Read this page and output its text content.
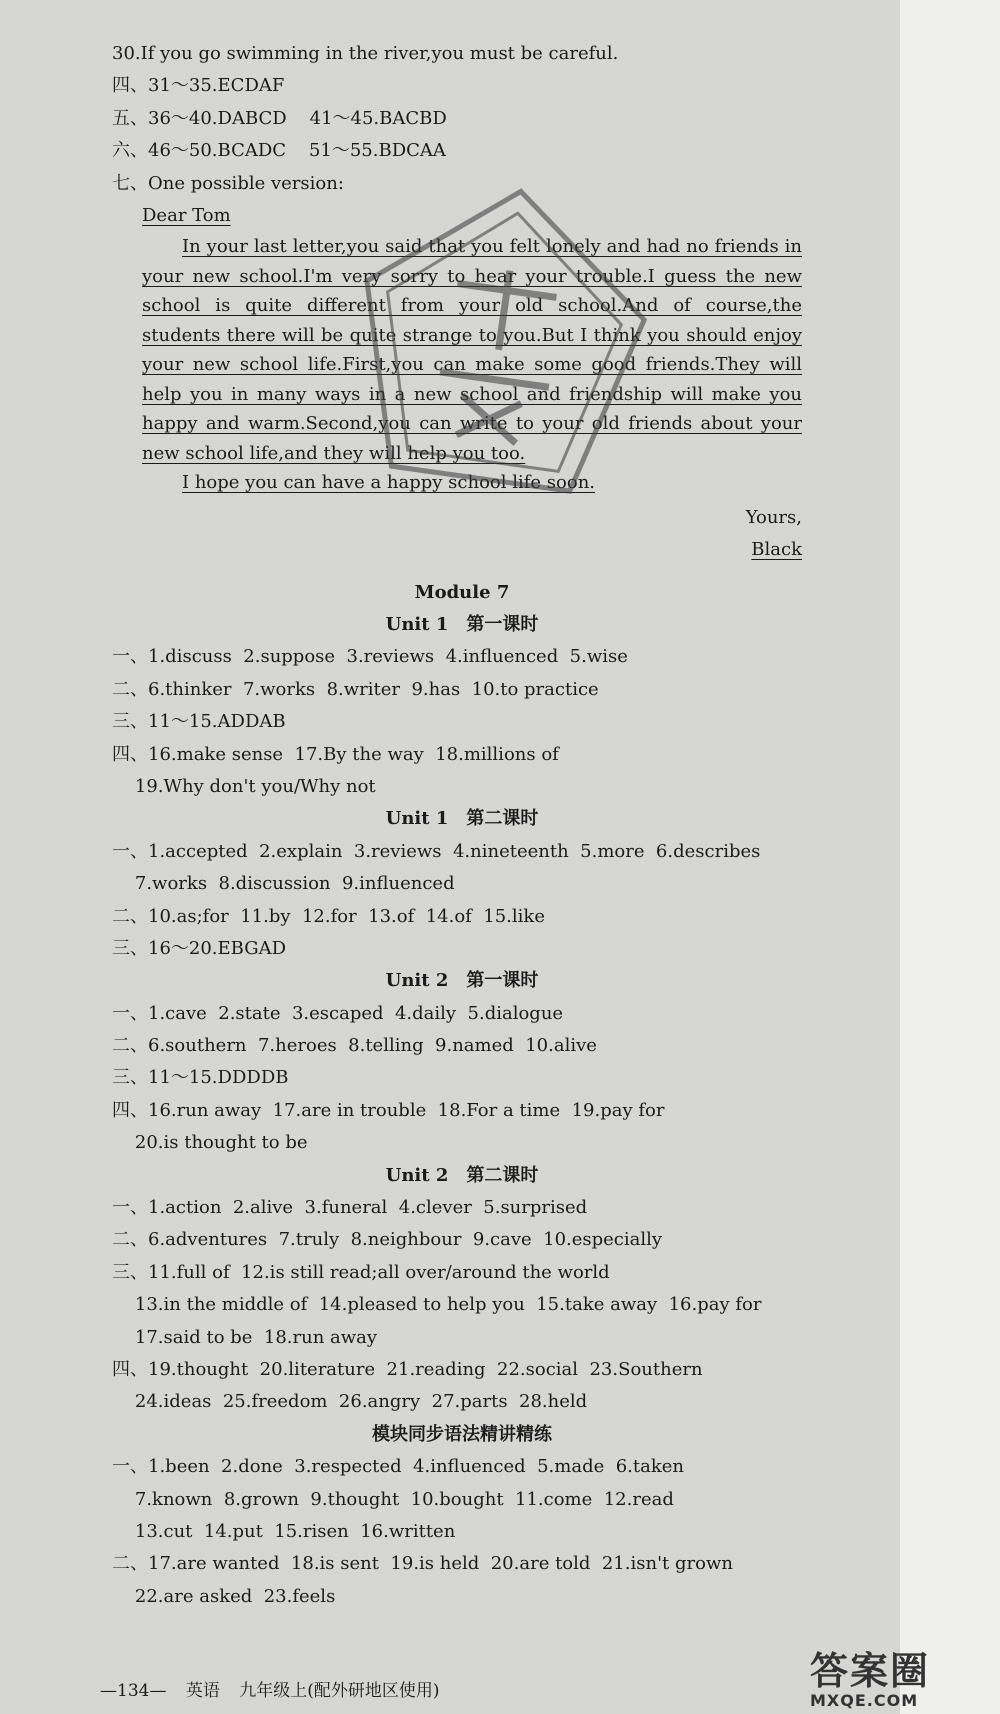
30.If you go swimming in the river,you must be careful.
四、31～35.ECDAF
五、36～40.DABCD    41～45.BACBD
六、46～50.BCADC    51～55.BDCAA
七、One possible version:
Dear Tom
In your last letter,you said that you felt lonely and had no friends in your new school.I'm very sorry to hear your trouble.I guess the new school is quite different from your old school.And of course,the students there will be quite strange to you.But I think you should enjoy your new school life.First,you can make some good friends.They will help you in many ways in a new school and friendship will make you happy and warm.Second,you can write to your old friends about your new school life,and they will help you too.
I hope you can have a happy school life soon.
Yours,
Black
Module 7
Unit 1　第一课时
一、1.discuss  2.suppose  3.reviews  4.influenced  5.wise
二、6.thinker  7.works  8.writer  9.has  10.to practice
三、11～15.ADDAB
四、16.make sense  17.By the way  18.millions of
19.Why don't you/Why not
Unit 1　第二课时
一、1.accepted  2.explain  3.reviews  4.nineteenth  5.more  6.describes
7.works  8.discussion  9.influenced
二、10.as;for  11.by  12.for  13.of  14.of  15.like
三、16～20.EBGAD
Unit 2　第一课时
一、1.cave  2.state  3.escaped  4.daily  5.dialogue
二、6.southern  7.heroes  8.telling  9.named  10.alive
三、11～15.DDDDB
四、16.run away  17.are in trouble  18.For a time  19.pay for
20.is thought to be
Unit 2　第二课时
一、1.action  2.alive  3.funeral  4.clever  5.surprised
二、6.adventures  7.truly  8.neighbour  9.cave  10.especially
三、11.full of  12.is still read;all over/around the world
13.in the middle of  14.pleased to help you  15.take away  16.pay for
17.said to be  18.run away
四、19.thought  20.literature  21.reading  22.social  23.Southern
24.ideas  25.freedom  26.angry  27.parts  28.held
模块同步语法精讲精练
一、1.been  2.done  3.respected  4.influenced  5.made  6.taken
7.known  8.grown  9.thought  10.bought  11.come  12.read
13.cut  14.put  15.risen  16.written
二、17.are wanted  18.is sent  19.is held  20.are told  21.isn't grown
22.are asked  23.feels
—134— 英语 九年级上(配外研地区使用)	答案圈
MXQE.COM
